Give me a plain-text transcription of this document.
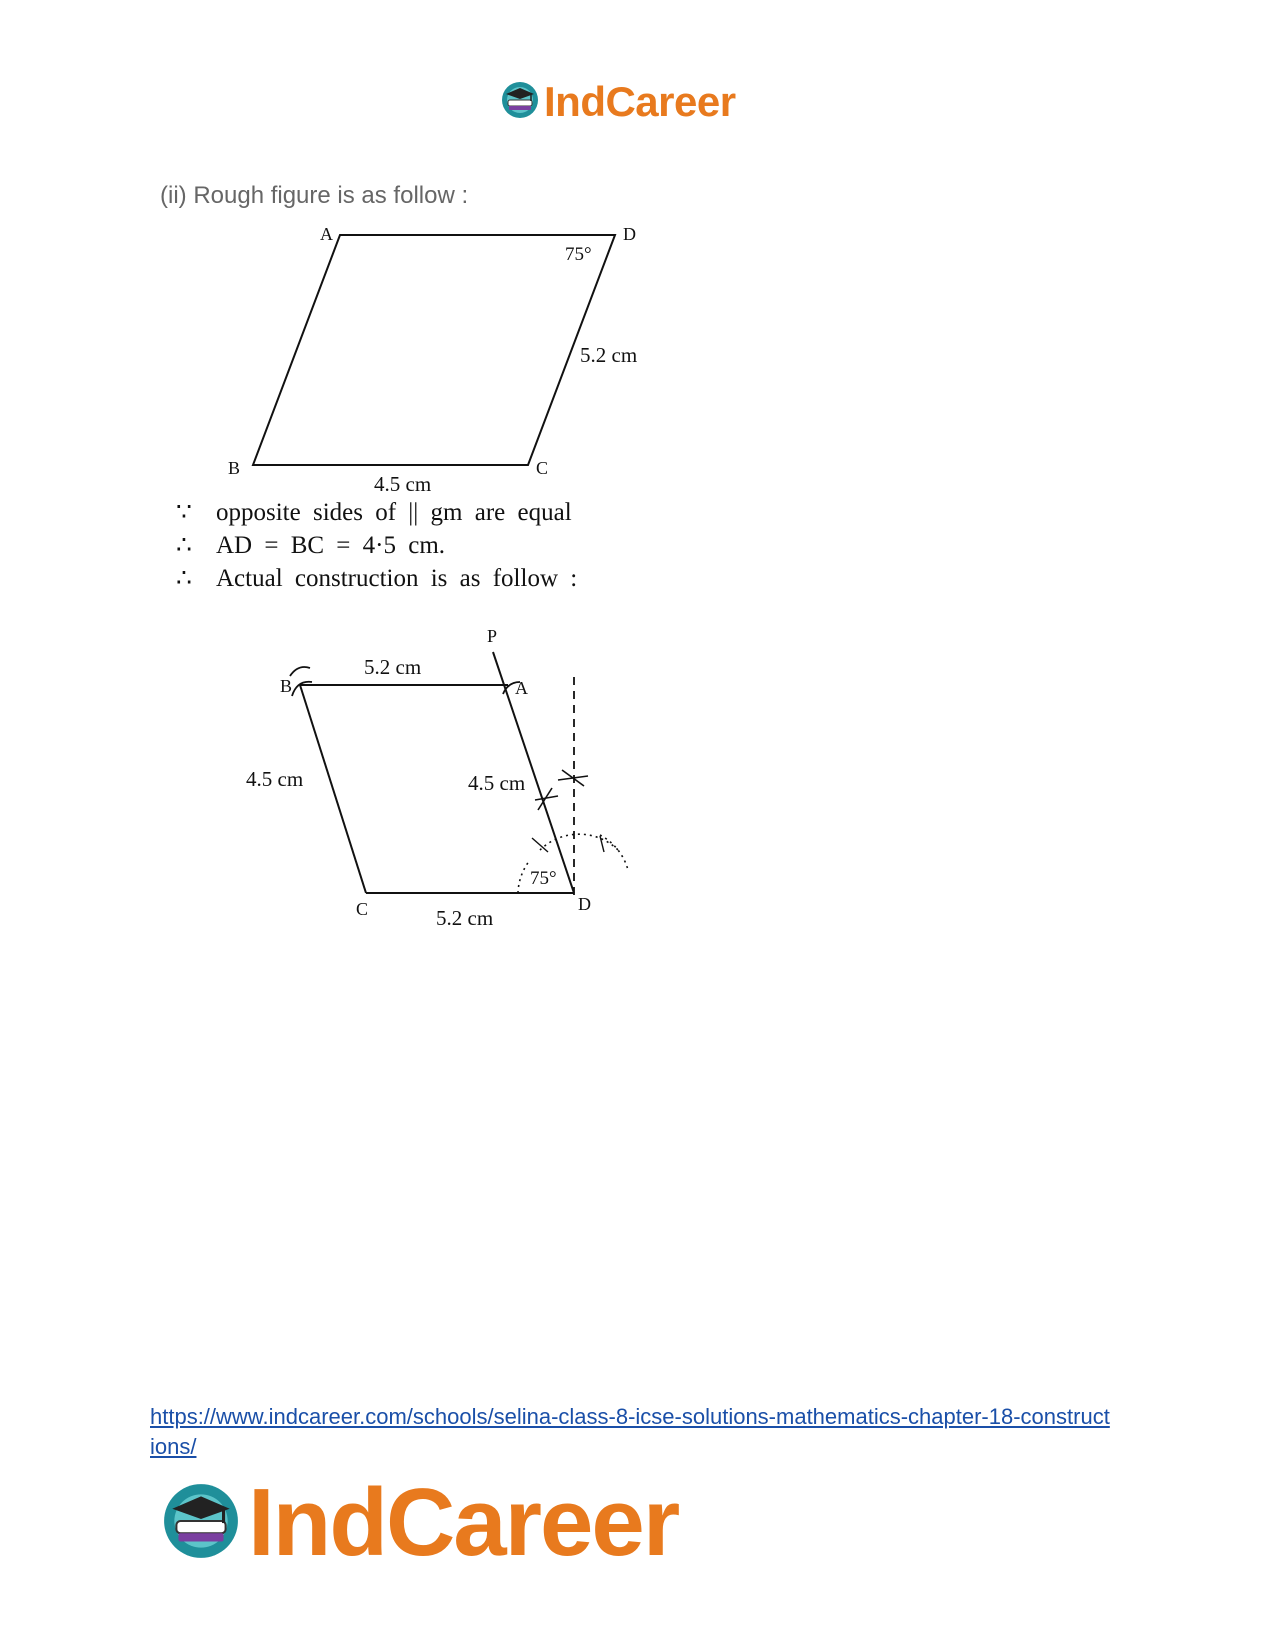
IndCareer
(ii) Rough figure is as follow :
A	D
B	C
75°
5.2 cm
4.5 cm
P
B	A
C	D
5.2 cm
4.5 cm	4.5 cm
5.2 cm
75°
∵ opposite sides of || gm are equal
∴ AD = BC = 4·5 cm.
∴ Actual construction is as follow :
https://www.indcareer.com/schools/selina-class-8-icse-solutions-mathematics-chapter-18-constructions/
IndCareer
